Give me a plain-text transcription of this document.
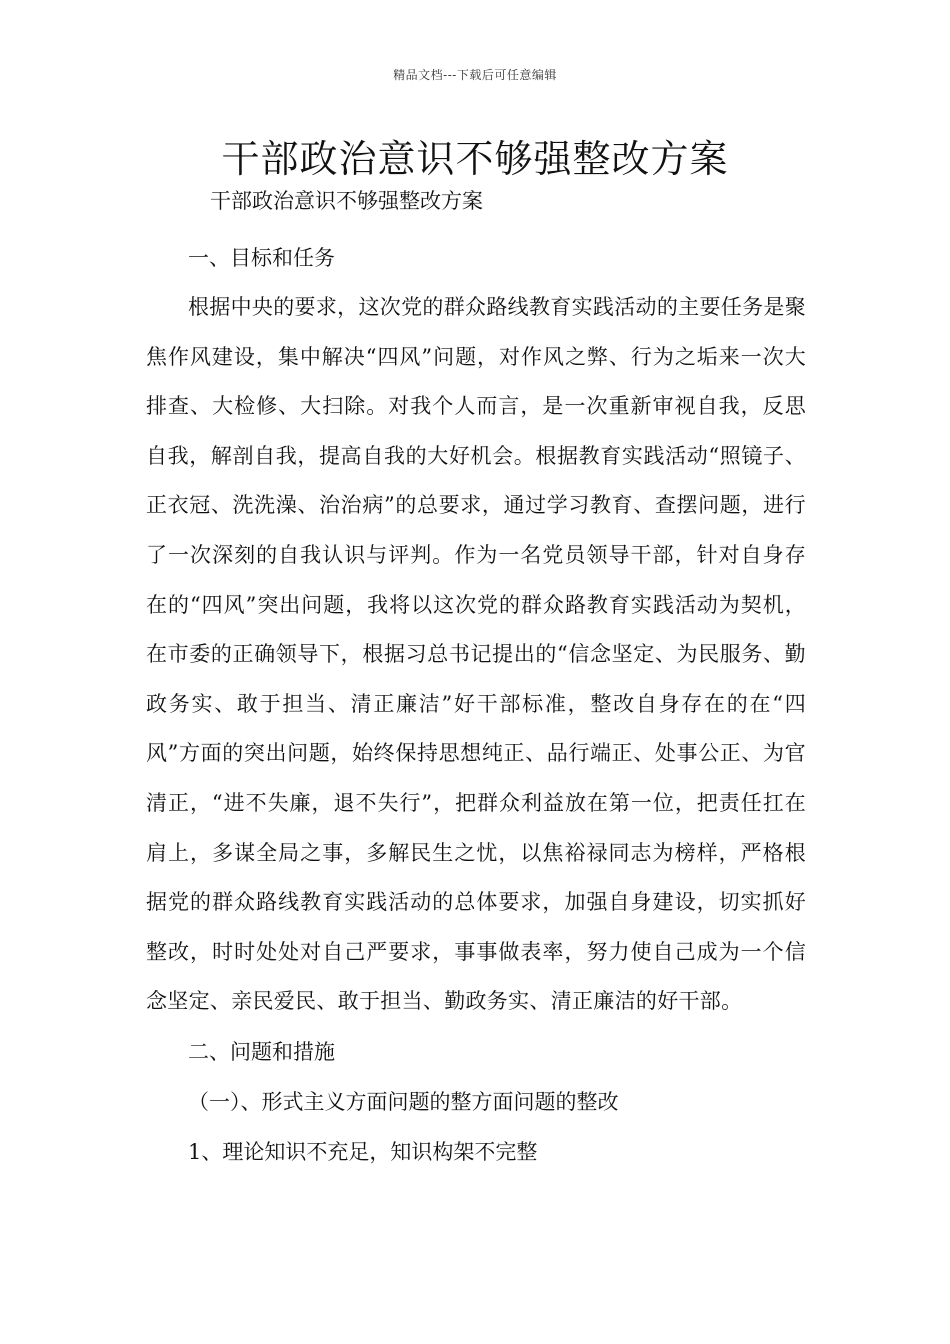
精品文档---下载后可任意编辑
干部政治意识不够强整改方案

干部政治意识不够强整改方案

一、目标和任务

根据中央的要求，这次党的群众路线教育实践活动的主要任务是聚焦作风建设，集中解决“四风”问题，对作风之弊、行为之垢来一次大排查、大检修、大扫除。对我个人而言，是一次重新审视自我，反思自我，解剖自我，提高自我的大好机会。根据教育实践活动“照镜子、正衣冠、洗洗澡、治治病”的总要求，通过学习教育、查摆问题，进行了一次深刻的自我认识与评判。作为一名党员领导干部，针对自身存在的“四风”突出问题，我将以这次党的群众路教育实践活动为契机，在市委的正确领导下，根据习总书记提出的“信念坚定、为民服务、勤政务实、敢于担当、清正廉洁”好干部标准，整改自身存在的在“四风”方面的突出问题，始终保持思想纯正、品行端正、处事公正、为官清正，“进不失廉，退不失行”，把群众利益放在第一位，把责任扛在肩上，多谋全局之事，多解民生之忧，以焦裕禄同志为榜样，严格根据党的群众路线教育实践活动的总体要求，加强自身建设，切实抓好整改，时时处处对自己严要求，事事做表率，努力使自己成为一个信念坚定、亲民爱民、敢于担当、勤政务实、清正廉洁的好干部。

二、问题和措施

（一）、形式主义方面问题的整方面问题的整改

1、理论知识不充足，知识构架不完整
